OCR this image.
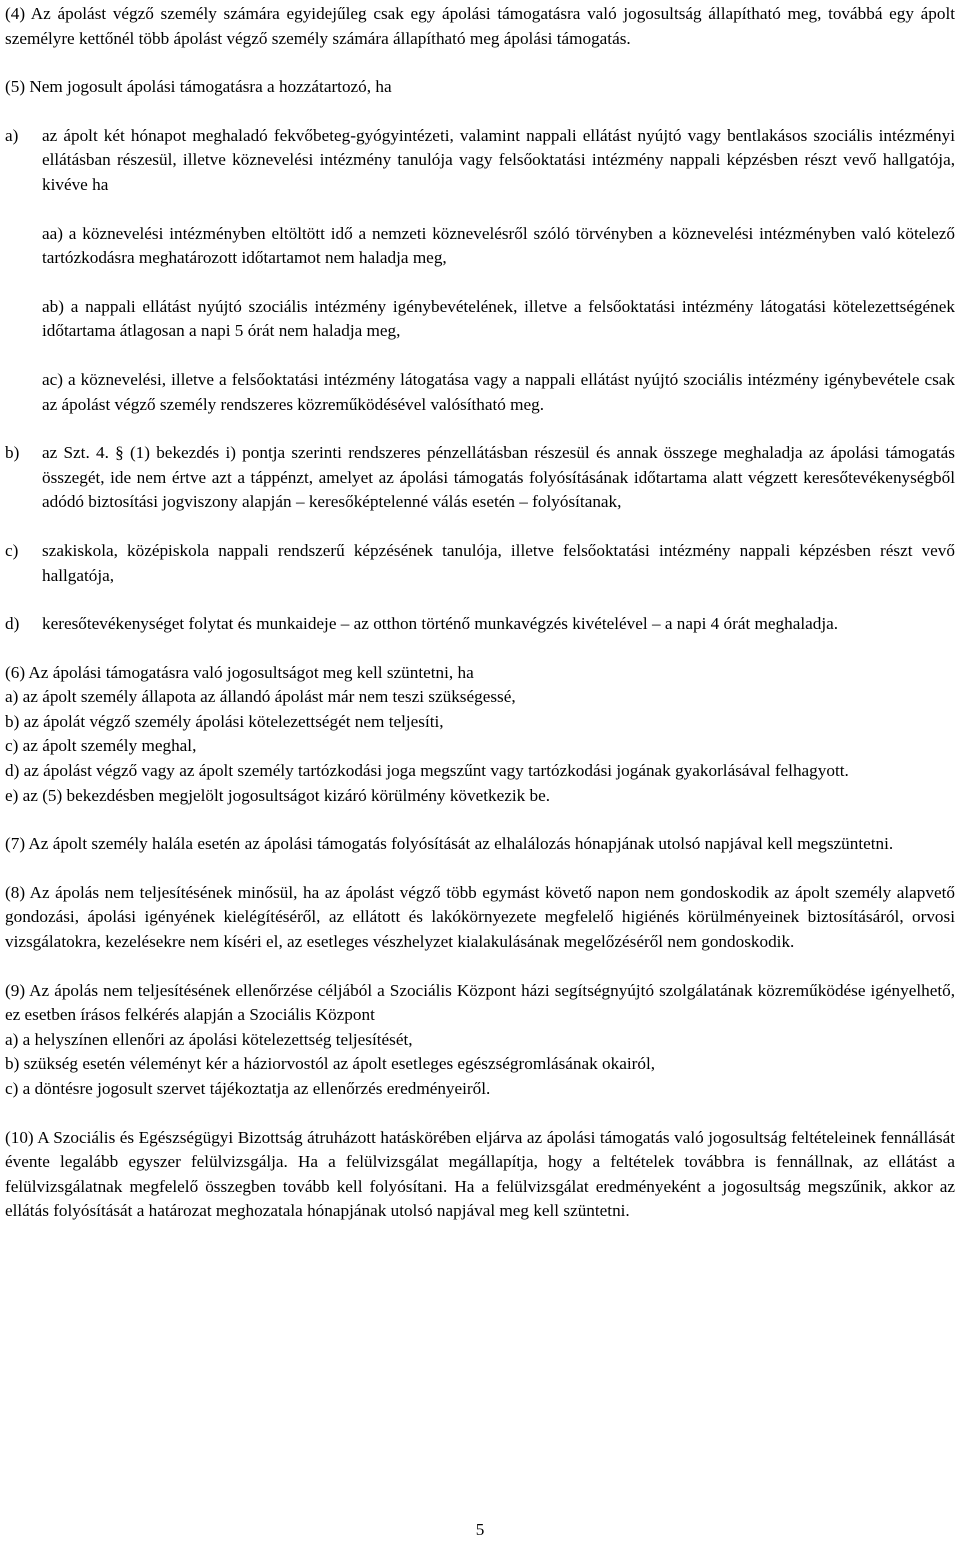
(4) Az ápolást végző személy számára egyidejűleg csak egy ápolási támogatásra való jogosultság állapítható meg, továbbá egy ápolt személyre kettőnél több ápolást végző személy számára állapítható meg ápolási támogatás.

(5) Nem jogosult ápolási támogatásra a hozzátartozó, ha

a)	az ápolt két hónapot meghaladó fekvőbeteg-gyógyintézeti, valamint nappali ellátást nyújtó vagy bentlakásos szociális intézményi ellátásban részesül, illetve köznevelési intézmény tanulója vagy felsőoktatási intézmény nappali képzésben részt vevő hallgatója, kivéve ha

aa) a köznevelési intézményben eltöltött idő a nemzeti köznevelésről szóló törvényben a köznevelési intézményben való kötelező tartózkodásra meghatározott időtartamot nem haladja meg,

ab) a nappali ellátást nyújtó szociális intézmény igénybevételének, illetve a felsőoktatási intézmény látogatási kötelezettségének időtartama átlagosan a napi 5 órát nem haladja meg,

ac) a köznevelési, illetve a felsőoktatási intézmény látogatása vagy a nappali ellátást nyújtó szociális intézmény igénybevétele csak az ápolást végző személy rendszeres közreműködésével valósítható meg.

b)	az Szt. 4. § (1) bekezdés i) pontja szerinti rendszeres pénzellátásban részesül és annak összege meghaladja az ápolási támogatás összegét, ide nem értve azt a táppénzt, amelyet az ápolási támogatás folyósításának időtartama alatt végzett keresőtevékenységből adódó biztosítási jogviszony alapján – keresőképtelenné válás esetén – folyósítanak,
c)	szakiskola, középiskola nappali rendszerű képzésének tanulója, illetve felsőoktatási intézmény nappali képzésben részt vevő hallgatója,
d)	keresőtevékenységet folytat és munkaideje – az otthon történő munkavégzés kivételével – a napi 4 órát meghaladja.

(6) Az ápolási támogatásra való jogosultságot meg kell szüntetni, ha

a) az ápolt személy állapota az állandó ápolást már nem teszi szükségessé,

b) az ápolát végző személy ápolási kötelezettségét nem teljesíti,

c) az ápolt személy meghal,

d) az ápolást végző vagy az ápolt személy tartózkodási joga megszűnt vagy tartózkodási jogának gyakorlásával felhagyott.

e) az (5) bekezdésben megjelölt jogosultságot kizáró körülmény következik be.

(7) Az ápolt személy halála esetén az ápolási támogatás folyósítását az elhalálozás hónapjának utolsó napjával kell megszüntetni.

(8) Az ápolás nem teljesítésének minősül, ha az ápolást végző több egymást követő napon nem gondoskodik az ápolt személy alapvető gondozási, ápolási igényének kielégítéséről, az ellátott és lakókörnyezete megfelelő higiénés körülményeinek biztosításáról, orvosi vizsgálatokra, kezelésekre nem kíséri el, az esetleges vészhelyzet kialakulásának megelőzéséről nem gondoskodik.

(9) Az ápolás nem teljesítésének ellenőrzése céljából a Szociális Központ házi segítségnyújtó szolgálatának közreműködése igényelhető, ez esetben írásos felkérés alapján a Szociális Központ

a) a helyszínen ellenőri az ápolási kötelezettség teljesítését,

b) szükség esetén véleményt kér a háziorvostól az ápolt esetleges egészségromlásának okairól,

c) a döntésre jogosult szervet tájékoztatja az ellenőrzés eredményeiről.

(10) A Szociális és Egészségügyi Bizottság átruházott hatáskörében eljárva az ápolási támogatás való jogosultság feltételeinek fennállását évente legalább egyszer felülvizsgálja. Ha a felülvizsgálat megállapítja, hogy a feltételek továbbra is fennállnak, az ellátást a felülvizsgálatnak megfelelő összegben tovább kell folyósítani. Ha a felülvizsgálat eredményeként a jogosultság megszűnik, akkor az ellátás folyósítását a határozat meghozatala hónapjának utolsó napjával meg kell szüntetni.

5
